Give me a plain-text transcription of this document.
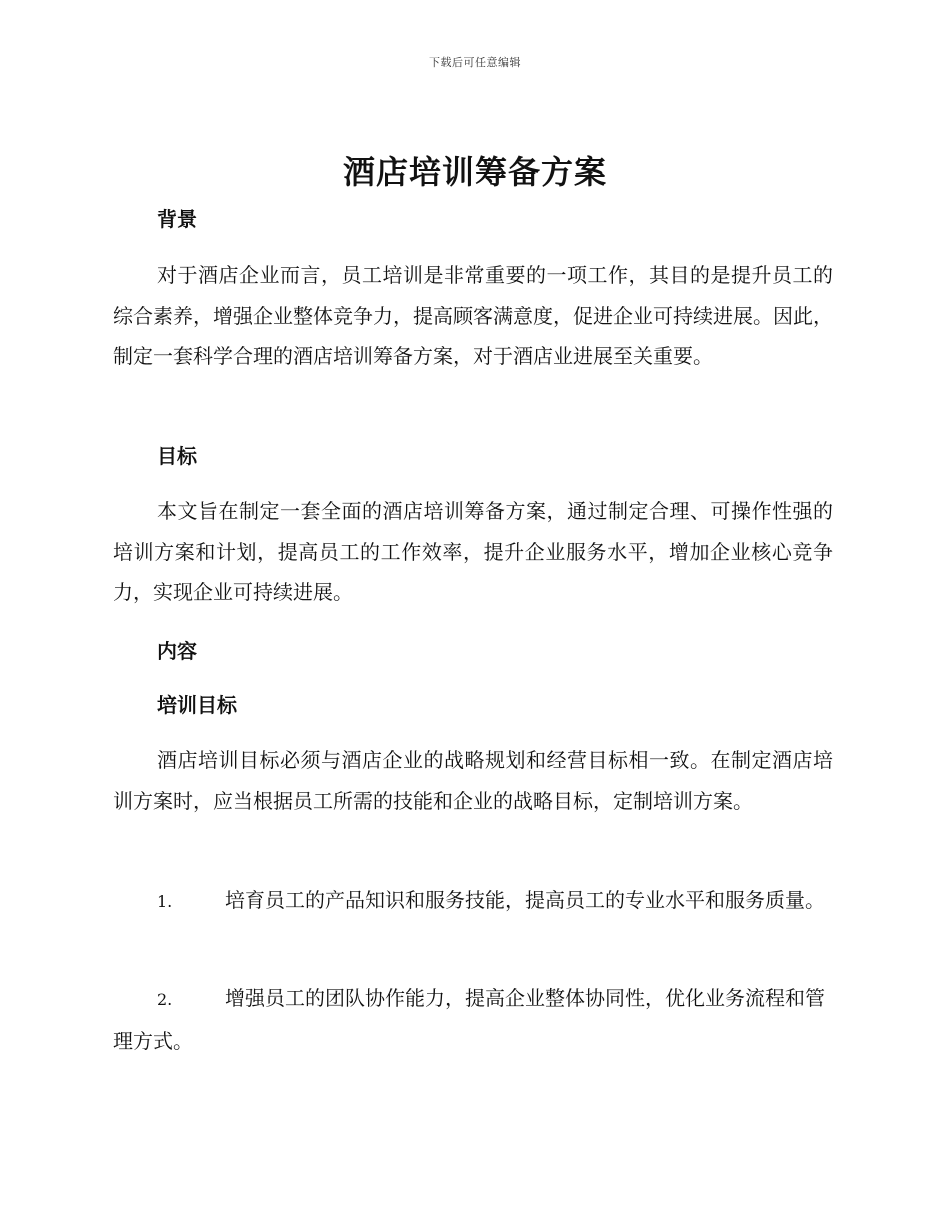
下载后可任意编辑
酒店培训筹备方案
背景

对于酒店企业而言，员工培训是非常重要的一项工作，其目的是提升员工的综合素养，增强企业整体竞争力，提高顾客满意度，促进企业可持续进展。因此，制定一套科学合理的酒店培训筹备方案，对于酒店业进展至关重要。

目标

本文旨在制定一套全面的酒店培训筹备方案，通过制定合理、可操作性强的培训方案和计划，提高员工的工作效率，提升企业服务水平，增加企业核心竞争力，实现企业可持续进展。

内容
培训目标

酒店培训目标必须与酒店企业的战略规划和经营目标相一致。在制定酒店培训方案时，应当根据员工所需的技能和企业的战略目标，定制培训方案。

1.	培育员工的产品知识和服务技能，提高员工的专业水平和服务质量。

2.	增强员工的团队协作能力，提高企业整体协同性，优化业务流程和管理方式。
